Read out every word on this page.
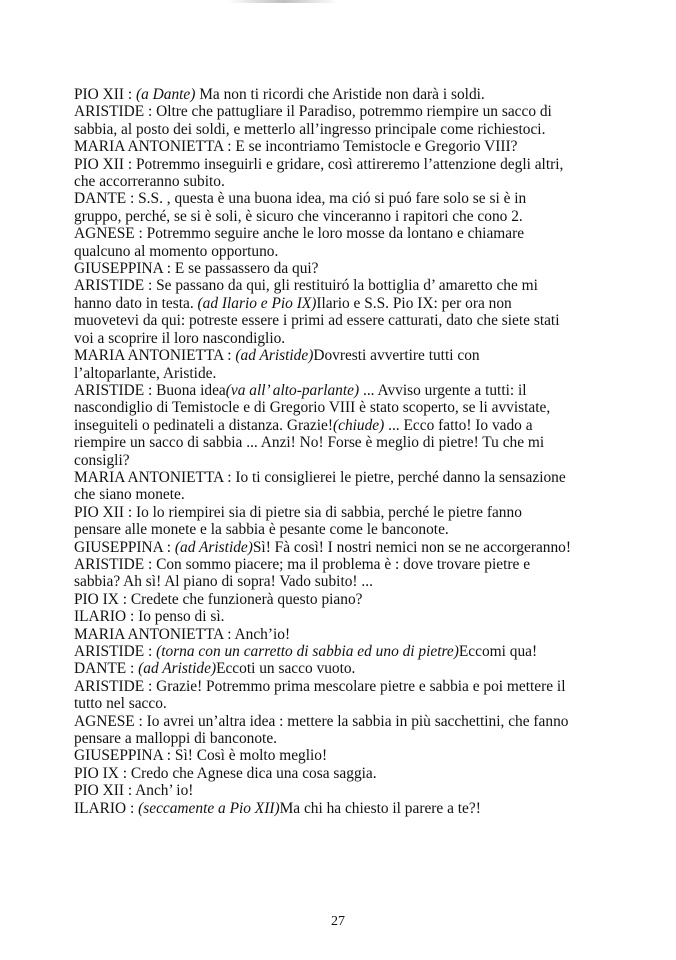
PIO XII : (a Dante) Ma non ti ricordi che Aristide non darà i soldi.
ARISTIDE : Oltre che pattugliare il Paradiso, potremmo riempire un sacco di
sabbia, al posto dei soldi, e metterlo all’ingresso principale come richiestoci.
MARIA ANTONIETTA : E se incontriamo Temistocle e Gregorio VIII?
PIO XII : Potremmo inseguirli e gridare, così attireremo l’attenzione degli altri,
che accorreranno subito.
DANTE : S.S. , questa è una buona idea, ma ció si puó fare solo se si è in
gruppo, perché, se si è soli, è sicuro che vinceranno i rapitori che cono 2.
AGNESE : Potremmo seguire anche le loro mosse da lontano e chiamare
qualcuno al momento opportuno.
GIUSEPPINA : E se passassero da qui?
ARISTIDE : Se passano da qui, gli restituiró la bottiglia d’ amaretto che mi
hanno dato in testa. (ad Ilario e Pio IX)Ilario e S.S. Pio IX: per ora non
muovetevi da qui: potreste essere i primi ad essere catturati, dato che siete stati
voi a scoprire il loro nascondiglio.
MARIA ANTONIETTA : (ad Aristide)Dovresti avvertire tutti con
l’altoparlante, Aristide.
ARISTIDE : Buona idea(va all’ alto-parlante) ... Avviso urgente a tutti: il
nascondiglio di Temistocle e di Gregorio VIII è stato scoperto, se li avvistate,
inseguiteli o pedinateli a distanza. Grazie!(chiude) ... Ecco fatto! Io vado a
riempire un sacco di sabbia ... Anzi! No! Forse è meglio di pietre! Tu che mi
consigli?
MARIA ANTONIETTA : Io ti consiglierei le pietre, perché danno la sensazione
che siano monete.
PIO XII : Io lo riempirei sia di pietre sia di sabbia, perché le pietre fanno
pensare alle monete e la sabbia è pesante come le banconote.
GIUSEPPINA : (ad Aristide)Sì! Fà così! I nostri nemici non se ne accorgeranno!
ARISTIDE : Con sommo piacere; ma il problema è : dove trovare pietre e
sabbia? Ah sì! Al piano di sopra! Vado subito! ...
PIO IX : Credete che funzionerà questo piano?
ILARIO : Io penso di sì.
MARIA ANTONIETTA : Anch’io!
ARISTIDE : (torna con un carretto di sabbia ed uno di pietre)Eccomi qua!
DANTE : (ad Aristide)Eccoti un sacco vuoto.
ARISTIDE : Grazie! Potremmo prima mescolare pietre e sabbia e poi mettere il
tutto nel sacco.
AGNESE : Io avrei un’altra idea : mettere la sabbia in più sacchettini, che fanno
pensare a malloppi di banconote.
GIUSEPPINA : Sì! Così è molto meglio!
PIO IX : Credo che Agnese dica una cosa saggia.
PIO XII : Anch’ io!
ILARIO : (seccamente a Pio XII)Ma chi ha chiesto il parere a te?!
27
